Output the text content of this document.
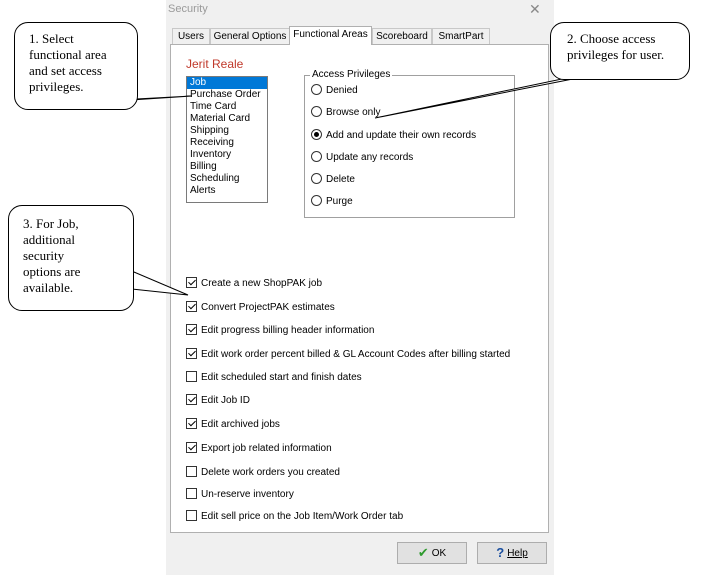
Security	✕
Users General Options Functional Areas Scoreboard	SmartPart
Jerit Reale
Job
Purchase Order
Time Card
Material Card
Shipping
Receiving
Inventory
Billing
Scheduling
Alerts
Access Privileges
Denied
Browse only
Add and update their own records
Update any records
Delete
Purge
Create a new ShopPAK job
Convert ProjectPAK estimates
Edit progress billing header information
Edit work order percent billed & GL Account Codes after billing started
Edit scheduled start and finish dates
Edit Job ID
Edit archived jobs
Export job related information
Delete work orders you created
Un-reserve inventory
Edit sell price on the Job Item/Work Order tab
✔ OK	? Help
1. Select
functional area
and set access
privileges.
2. Choose access
privileges for user.
3. For Job,
additional
security
options are
available.
